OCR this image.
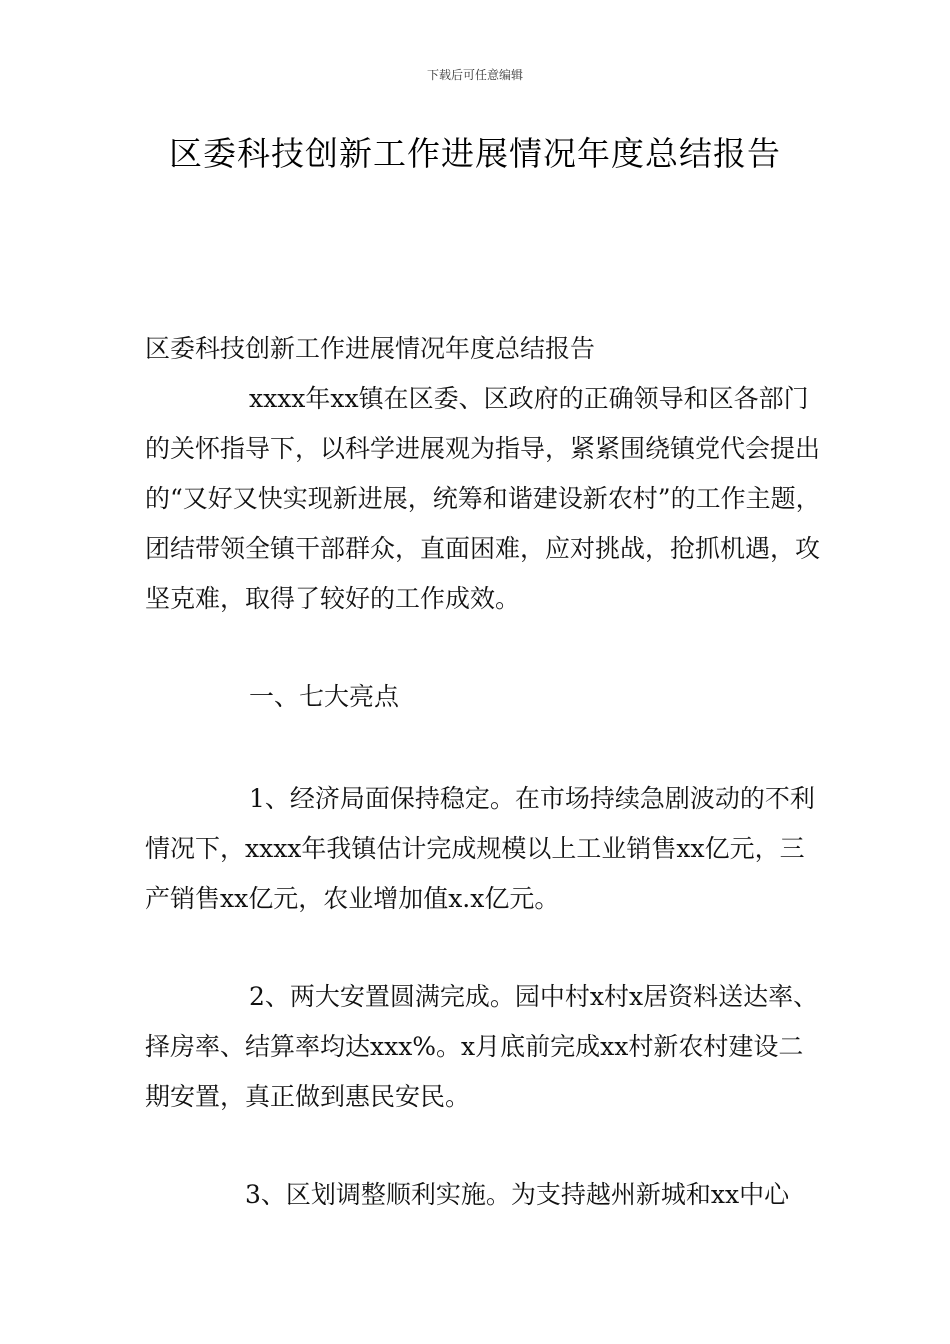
下载后可任意编辑
区委科技创新工作进展情况年度总结报告

区委科技创新工作进展情况年度总结报告

xxxx年xx镇在区委、区政府的正确领导和区各部门的关怀指导下，以科学进展观为指导，紧紧围绕镇党代会提出的“又好又快实现新进展，统筹和谐建设新农村”的工作主题，团结带领全镇干部群众，直面困难，应对挑战，抢抓机遇，攻坚克难，取得了较好的工作成效。

一、七大亮点

1、经济局面保持稳定。在市场持续急剧波动的不利情况下，xxxx年我镇估计完成规模以上工业销售xx亿元，三产销售xx亿元，农业增加值x.x亿元。

2、两大安置圆满完成。园中村x村x居资料送达率、择房率、结算率均达xxx%。x月底前完成xx村新农村建设二期安置，真正做到惠民安民。

3、区划调整顺利实施。为支持越州新城和xx中心
